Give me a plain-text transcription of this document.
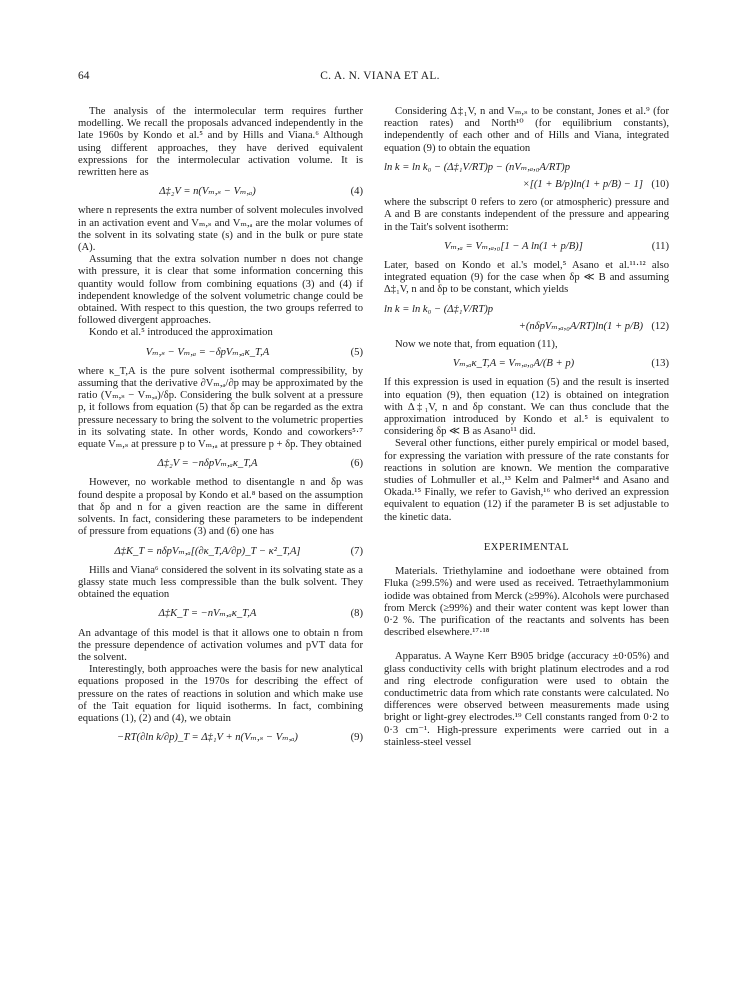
64	C. A. N. VIANA ET AL.

The analysis of the intermolecular term requires further modelling. We recall the proposals advanced independently in the late 1960s by Kondo et al.⁵ and by Hills and Viana.⁶ Although using different approaches, they have derived equivalent expressions for the intermolecular activation volume. It is rewritten here as

Δ‡₂V = n(Vₘ,ₛ − Vₘ,ₐ)	(4)

where n represents the extra number of solvent molecules involved in an activation event and Vₘ,ₛ and Vₘ,ₐ are the molar volumes of the solvent in its solvating state (s) and in the bulk or pure state (A).

Assuming that the extra solvation number n does not change with pressure, it is clear that some information concerning this quantity would follow from combining equations (3) and (4) if independent knowledge of the solvent volumetric change could be obtained. With respect to this question, the two groups referred to followed divergent approaches.

Kondo et al.⁵ introduced the approximation

Vₘ,ₛ − Vₘ,ₐ = −δpVₘ,ₐκ_T,A	(5)

where κ_T,A is the pure solvent isothermal compressibility, by assuming that the derivative ∂Vₘ,ₐ/∂p may be approximated by the ratio (Vₘ,ₛ − Vₘ,ₐ)/δp. Considering the bulk solvent at a pressure p, it follows from equation (5) that δp can be regarded as the extra pressure necessary to bring the solvent to the volumetric properties in its solvating state. In other words, Kondo and coworkers⁵·⁷ equate Vₘ,ₛ at pressure p to Vₘ,ₐ at pressure p + δp. They obtained

Δ‡₂V = −nδpVₘ,ₐκ_T,A	(6)

However, no workable method to disentangle n and δp was found despite a proposal by Kondo et al.⁸ based on the assumption that δp and n for a given reaction are the same in different solvents. In fact, considering these parameters to be independent of pressure from equations (3) and (6) one has

Δ‡K_T = nδpVₘ,ₐ[(∂κ_T,A/∂p)_T − κ²_T,A]	(7)

Hills and Viana⁶ considered the solvent in its solvating state as a glassy state much less compressible than the bulk solvent. They obtained the equation

Δ‡K_T = −nVₘ,ₐκ_T,A	(8)

An advantage of this model is that it allows one to obtain n from the pressure dependence of activation volumes and pVT data for the solvent.

Interestingly, both approaches were the basis for new analytical equations proposed in the 1970s for describing the effect of pressure on the rates of reactions in solution and which make use of the Tait equation for liquid isotherms. In fact, combining equations (1), (2) and (4), we obtain

−RT(∂ln k/∂p)_T = Δ‡₁V + n(Vₘ,ₛ − Vₘ,ₐ)	(9)

Considering Δ‡₁V, n and Vₘ,ₛ to be constant, Jones et al.⁹ (for reaction rates) and North¹⁰ (for equilibrium constants), independently of each other and of Hills and Viana, integrated equation (9) to obtain the equation

ln k = ln k₀ − (Δ‡₁V/RT)p − (nVₘ,ₐ,₀A/RT)p
×[(1 + B/p)ln(1 + p/B) − 1] (10)

where the subscript 0 refers to zero (or atmospheric) pressure and A and B are constants independent of the pressure and appearing in the Tait's solvent isotherm:

Vₘ,ₐ = Vₘ,ₐ,₀[1 − A ln(1 + p/B)]	(11)

Later, based on Kondo et al.'s model,⁵ Asano et al.¹¹·¹² also integrated equation (9) for the case when δp ≪ B and assuming Δ‡₁V, n and δp to be constant, which yields

ln k = ln k₀ − (Δ‡₁V/RT)p
+(nδpVₘ,ₐ,₀A/RT)ln(1 + p/B) (12)

Now we note that, from equation (11),

Vₘ,ₐκ_T,A = Vₘ,ₐ,₀A/(B + p)	(13)

If this expression is used in equation (5) and the result is inserted into equation (9), then equation (12) is obtained on integration with Δ‡₁V, n and δp constant. We can thus conclude that the approximation introduced by Kondo et al.⁵ is equivalent to considering δp ≪ B as Asano¹¹ did.

Several other functions, either purely empirical or model based, for expressing the variation with pressure of the rate constants for reactions in solution are known. We mention the comparative studies of Lohmuller et al.,¹³ Kelm and Palmer¹⁴ and Asano and Okada.¹⁵ Finally, we refer to Gavish,¹⁶ who derived an expression equivalent to equation (12) if the parameter B is set adjustable to the kinetic data.

EXPERIMENTAL

Materials. Triethylamine and iodoethane were obtained from Fluka (≥99.5%) and were used as received. Tetraethylammonium iodide was obtained from Merck (≥99%). Alcohols were purchased from Merck (≥99%) and their water content was kept lower than 0·2 %. The purification of the reactants and solvents has been described elsewhere.¹⁷·¹⁸

Apparatus. A Wayne Kerr B905 bridge (accuracy ±0·05%) and glass conductivity cells with bright platinum electrodes and a rod and ring electrode configuration were used to obtain the conductimetric data from which rate constants were calculated. No differences were observed between measurements made using bright or light-grey electrodes.¹⁹ Cell constants ranged from 0·2 to 0·3 cm⁻¹. High-pressure experiments were carried out in a stainless-steel vessel
